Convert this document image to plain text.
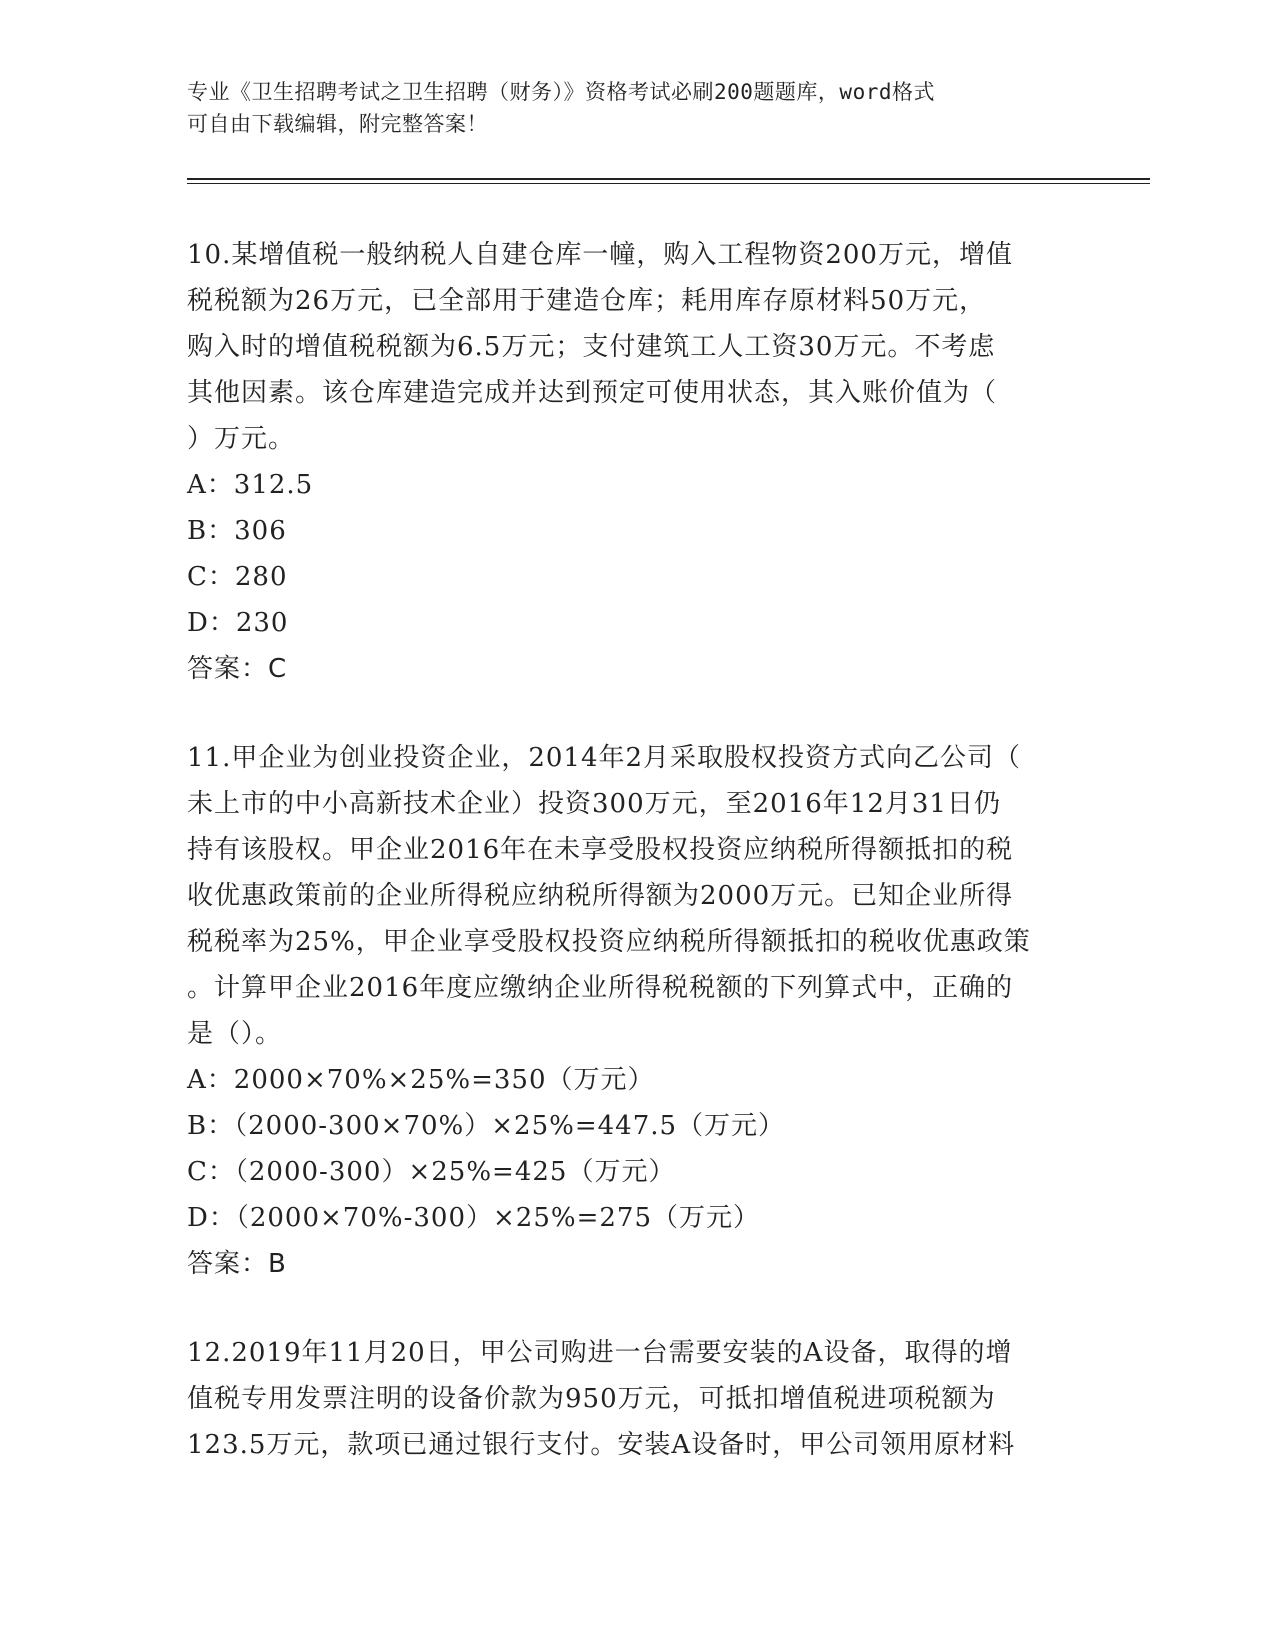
专业《卫生招聘考试之卫生招聘（财务）》资格考试必刷200题题库，word格式
可自由下载编辑，附完整答案！
10.某增值税一般纳税人自建仓库一幢，购入工程物资200万元，增值
税税额为26万元，已全部用于建造仓库；耗用库存原材料50万元，
购入时的增值税税额为6.5万元；支付建筑工人工资30万元。不考虑
其他因素。该仓库建造完成并达到预定可使用状态，其入账价值为（
）万元。
A：312.5
B：306
C：280
D：230
答案：C
11.甲企业为创业投资企业，2014年2月采取股权投资方式向乙公司（
未上市的中小高新技术企业）投资300万元，至2016年12月31日仍
持有该股权。甲企业2016年在未享受股权投资应纳税所得额抵扣的税
收优惠政策前的企业所得税应纳税所得额为2000万元。已知企业所得
税税率为25%，甲企业享受股权投资应纳税所得额抵扣的税收优惠政策
。计算甲企业2016年度应缴纳企业所得税税额的下列算式中，正确的
是（）。
A：2000×70%×25%=350（万元）
B：（2000-300×70%）×25%=447.5（万元）
C：（2000-300）×25%=425（万元）
D：（2000×70%-300）×25%=275（万元）
答案：B
12.2019年11月20日，甲公司购进一台需要安装的A设备，取得的增
值税专用发票注明的设备价款为950万元，可抵扣增值税进项税额为
123.5万元，款项已通过银行支付。安装A设备时，甲公司领用原材料
